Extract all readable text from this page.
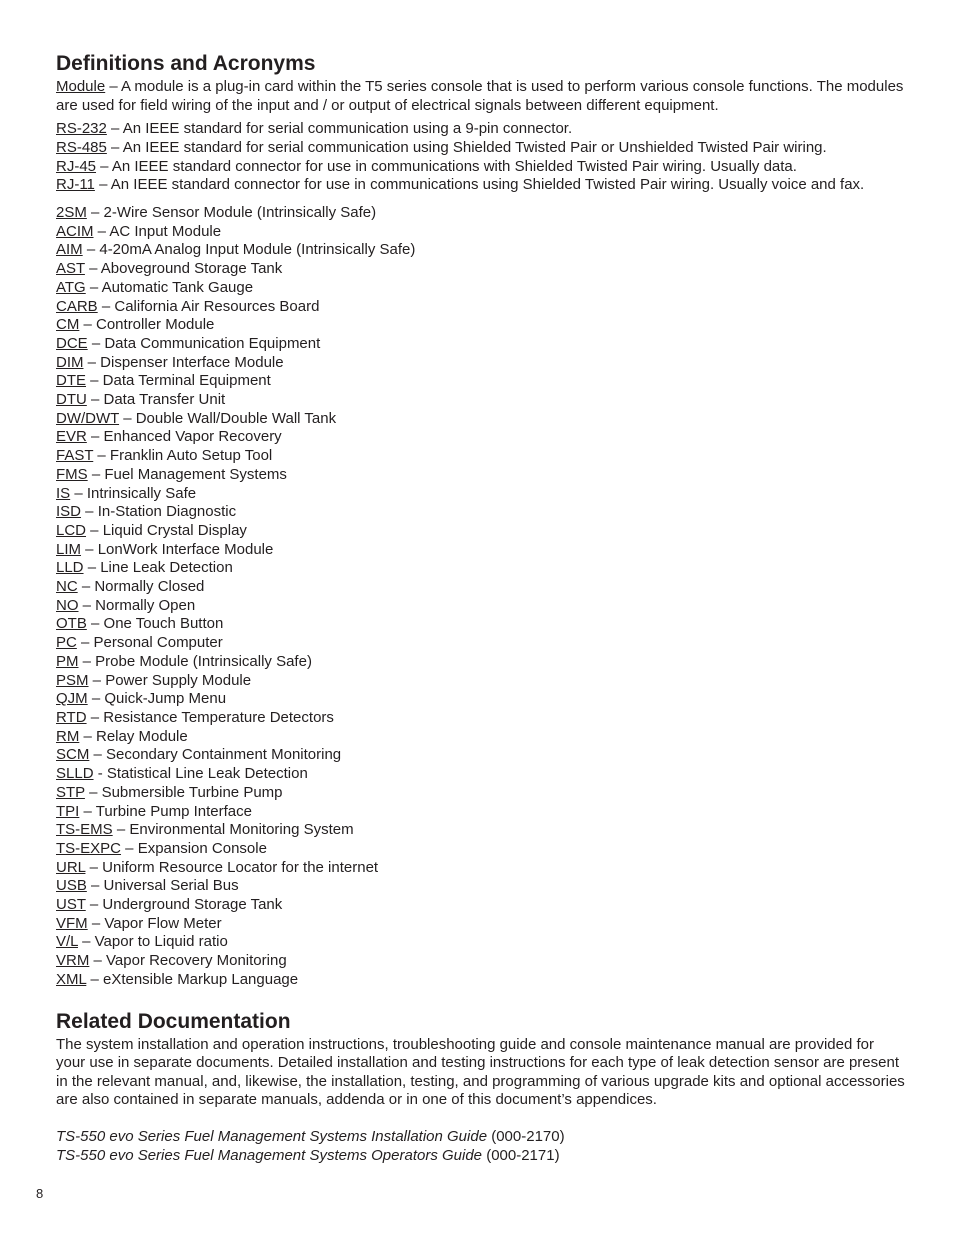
Definitions and Acronyms

Module – A module is a plug-in card within the T5 series console that is used to perform various console functions. The modules are used for field wiring of the input and / or output of electrical signals between different equipment.

RS-232 – An IEEE standard for serial communication using a 9-pin connector.

RS-485 – An IEEE standard for serial communication using Shielded Twisted Pair or Unshielded Twisted Pair wiring.

RJ-45 – An IEEE standard connector for use in communications with Shielded Twisted Pair wiring. Usually data.

RJ-11 – An IEEE standard connector for use in communications using Shielded Twisted Pair wiring. Usually voice and fax.

2SM – 2-Wire Sensor Module (Intrinsically Safe)

ACIM – AC Input Module

AIM – 4-20mA Analog Input Module (Intrinsically Safe)

AST – Aboveground Storage Tank

ATG – Automatic Tank Gauge

CARB – California Air Resources Board

CM – Controller Module

DCE – Data Communication Equipment

DIM – Dispenser Interface Module

DTE – Data Terminal Equipment

DTU – Data Transfer Unit

DW/DWT – Double Wall/Double Wall Tank

EVR – Enhanced Vapor Recovery

FAST – Franklin Auto Setup Tool

FMS – Fuel Management Systems

IS – Intrinsically Safe

ISD – In-Station Diagnostic

LCD – Liquid Crystal Display

LIM – LonWork Interface Module

LLD – Line Leak Detection

NC – Normally Closed

NO – Normally Open

OTB – One Touch Button

PC – Personal Computer

PM – Probe Module (Intrinsically Safe)

PSM – Power Supply Module

QJM – Quick-Jump Menu

RTD – Resistance Temperature Detectors

RM – Relay Module

SCM – Secondary Containment Monitoring

SLLD - Statistical Line Leak Detection

STP – Submersible Turbine Pump

TPI – Turbine Pump Interface

TS-EMS – Environmental Monitoring System

TS-EXPC – Expansion Console

URL – Uniform Resource Locator for the internet

USB – Universal Serial Bus

UST – Underground Storage Tank

VFM – Vapor Flow Meter

V/L – Vapor to Liquid ratio

VRM – Vapor Recovery Monitoring

XML – eXtensible Markup Language

Related Documentation

The system installation and operation instructions, troubleshooting guide and console maintenance manual are provided for your use in separate documents. Detailed installation and testing instructions for each type of leak detection sensor are present in the relevant manual, and, likewise, the installation, testing, and programming of various upgrade kits and optional accessories are also contained in separate manuals, addenda or in one of this document’s appendices.

TS-550 evo Series Fuel Management Systems Installation Guide (000-2170)

TS-550 evo Series Fuel Management Systems Operators Guide (000-2171)

8
